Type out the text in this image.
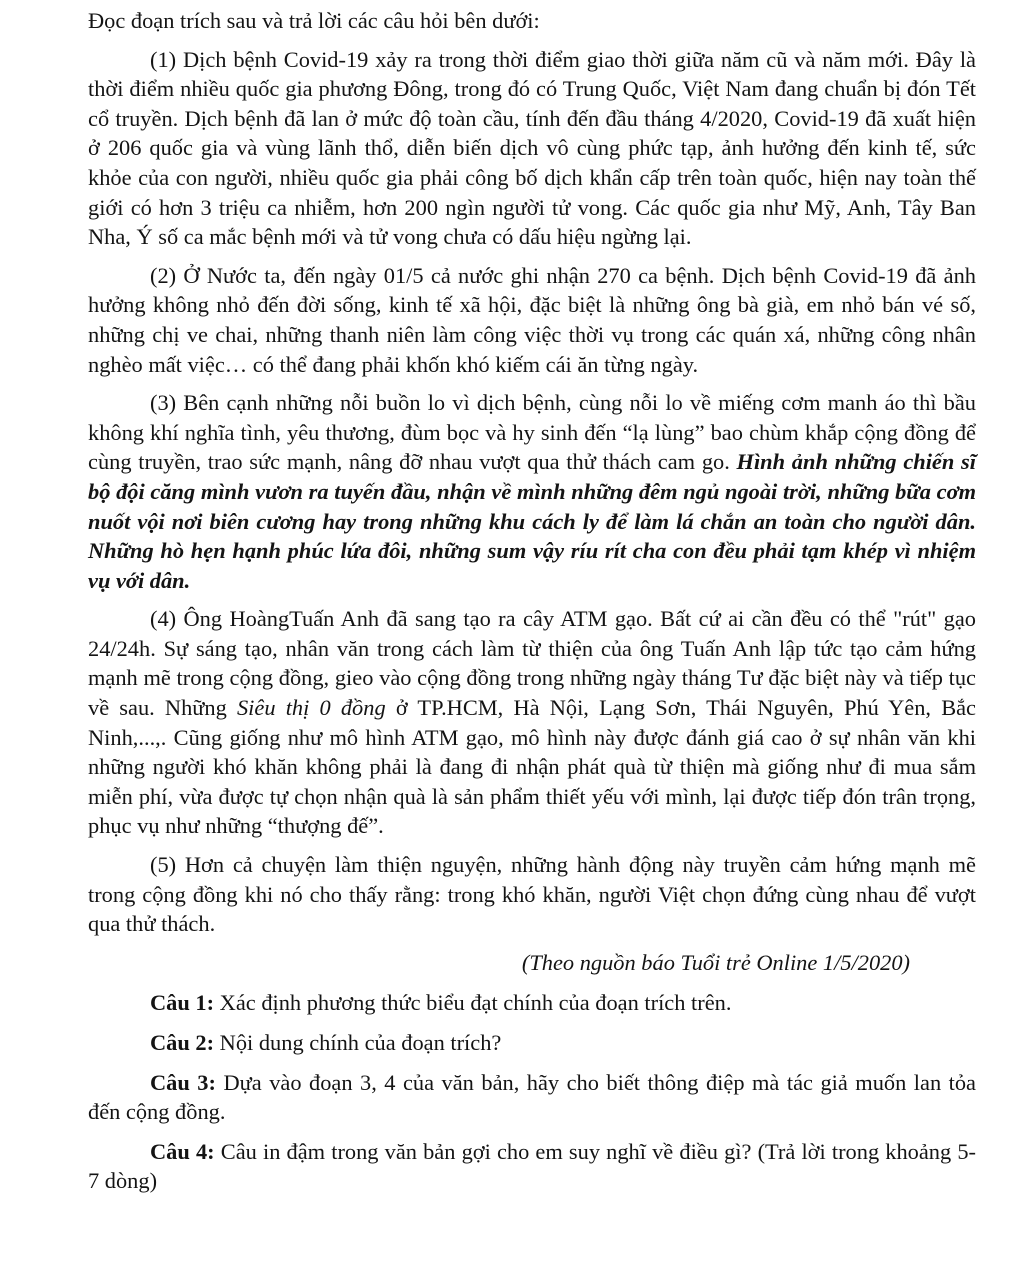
Đọc đoạn trích sau và trả lời các câu hỏi bên dưới:

(1) Dịch bệnh Covid-19 xảy ra trong thời điểm giao thời giữa năm cũ và năm mới. Đây là thời điểm nhiều quốc gia phương Đông, trong đó có Trung Quốc, Việt Nam đang chuẩn bị đón Tết cổ truyền. Dịch bệnh đã lan ở mức độ toàn cầu, tính đến đầu tháng 4/2020, Covid-19 đã xuất hiện ở 206 quốc gia và vùng lãnh thổ, diễn biến dịch vô cùng phức tạp, ảnh hưởng đến kinh tế, sức khỏe của con người, nhiều quốc gia phải công bố dịch khẩn cấp trên toàn quốc, hiện nay toàn thế giới có hơn 3 triệu ca nhiễm, hơn 200 ngìn người tử vong. Các quốc gia như Mỹ, Anh, Tây Ban Nha, Ý số ca mắc bệnh mới và tử vong chưa có dấu hiệu ngừng lại.

(2) Ở Nước ta, đến ngày 01/5 cả nước ghi nhận 270 ca bệnh. Dịch bệnh Covid-19 đã ảnh hưởng không nhỏ đến đời sống, kinh tế xã hội, đặc biệt là những ông bà già, em nhỏ bán vé số, những chị ve chai, những thanh niên làm công việc thời vụ trong các quán xá, những công nhân nghèo mất việc… có thể đang phải khốn khó kiếm cái ăn từng ngày.

(3) Bên cạnh những nỗi buồn lo vì dịch bệnh, cùng nỗi lo về miếng cơm manh áo thì bầu không khí nghĩa tình, yêu thương, đùm bọc và hy sinh đến “lạ lùng” bao chùm khắp cộng đồng để cùng truyền, trao sức mạnh, nâng đỡ nhau vượt qua thử thách cam go. Hình ảnh những chiến sĩ bộ đội căng mình vươn ra tuyến đầu, nhận về mình những đêm ngủ ngoài trời, những bữa cơm nuốt vội nơi biên cương hay trong những khu cách ly để làm lá chắn an toàn cho người dân. Những hò hẹn hạnh phúc lứa đôi, những sum vậy ríu rít cha con đều phải tạm khép vì nhiệm vụ với dân.

(4) Ông HoàngTuấn Anh đã sang tạo ra cây ATM gạo. Bất cứ ai cần đều có thể "rút" gạo 24/24h. Sự sáng tạo, nhân văn trong cách làm từ thiện của ông Tuấn Anh lập tức tạo cảm hứng mạnh mẽ trong cộng đồng, gieo vào cộng đồng trong những ngày tháng Tư đặc biệt này và tiếp tục về sau. Những Siêu thị 0 đồng ở TP.HCM, Hà Nội, Lạng Sơn, Thái Nguyên, Phú Yên, Bắc Ninh,...,. Cũng giống như mô hình ATM gạo, mô hình này được đánh giá cao ở sự nhân văn khi những người khó khăn không phải là đang đi nhận phát quà từ thiện mà giống như đi mua sắm miễn phí, vừa được tự chọn nhận quà là sản phẩm thiết yếu với mình, lại được tiếp đón trân trọng, phục vụ như những “thượng đế”.

(5) Hơn cả chuyện làm thiện nguyện, những hành động này truyền cảm hứng mạnh mẽ trong cộng đồng khi nó cho thấy rằng: trong khó khăn, người Việt chọn đứng cùng nhau để vượt qua thử thách.

(Theo nguồn báo Tuổi trẻ Online 1/5/2020)

Câu 1: Xác định phương thức biểu đạt chính của đoạn trích trên.

Câu 2: Nội dung chính của đoạn trích?

Câu 3: Dựa vào đoạn 3, 4 của văn bản, hãy cho biết thông điệp mà tác giả muốn lan tỏa đến cộng đồng.

Câu 4: Câu in đậm trong văn bản gợi cho em suy nghĩ về điều gì? (Trả lời trong khoảng 5-7 dòng)
